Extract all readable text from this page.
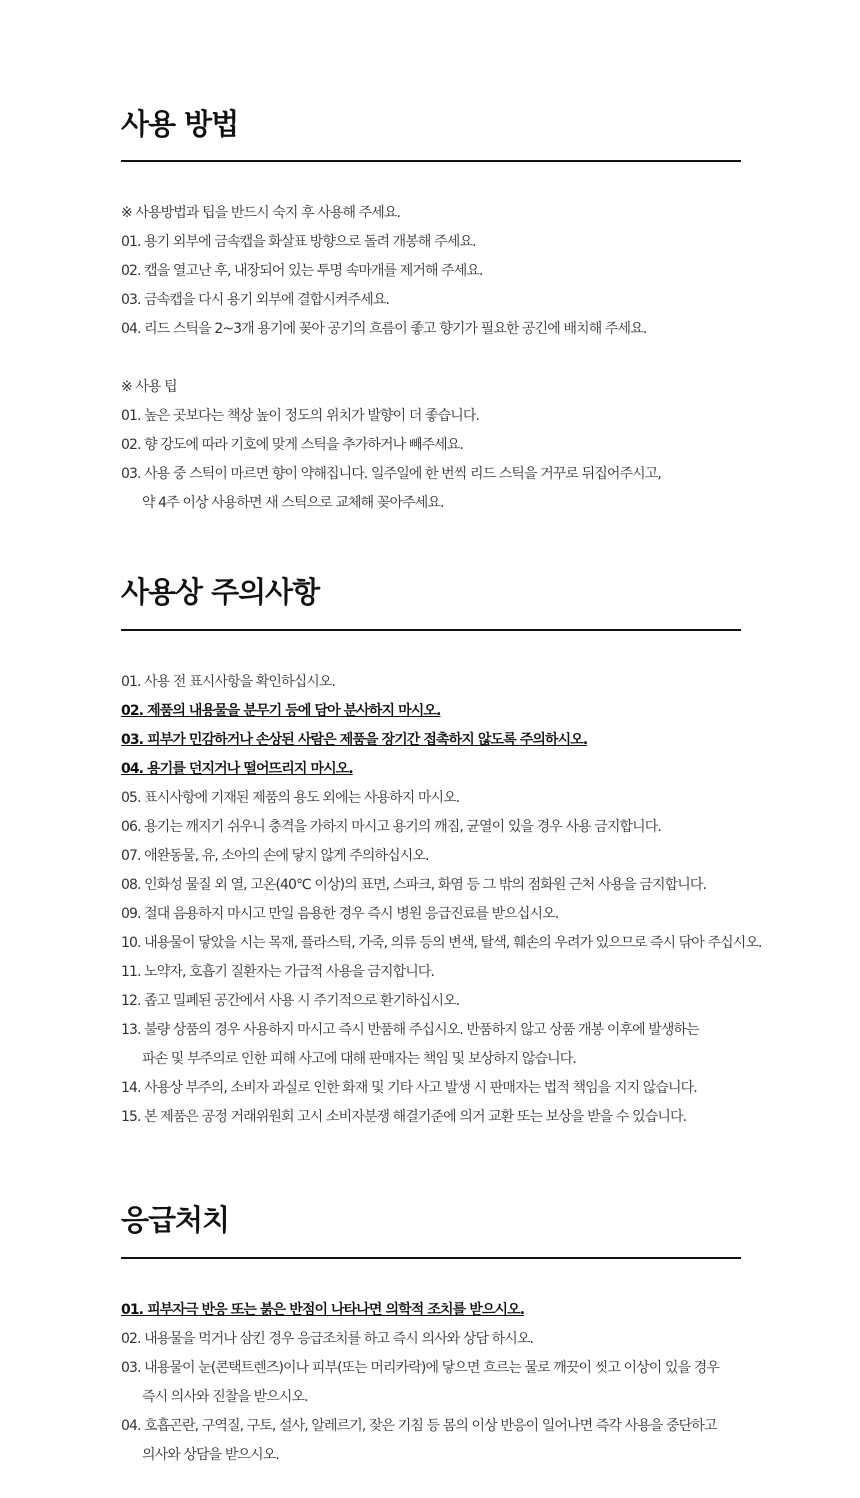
사용 방법
※ 사용방법과 팁을 반드시 숙지 후 사용해 주세요.
01. 용기 외부에 금속캡을 화살표 방향으로 돌려 개봉해 주세요.
02. 캡을 열고난 후, 내장되어 있는 투명 속마개를 제거해 주세요.
03. 금속캡을 다시 용기 외부에 결합시켜주세요.
04. 리드 스틱을 2~3개 용기에 꽂아 공기의 흐름이 좋고 향기가 필요한 공긴에 배치해 주세요.
※ 사용 팁
01. 높은 곳보다는 책상 높이 정도의 위치가 발향이 더 좋습니다.
02. 향 강도에 따라 기호에 맞게 스틱을 추가하거나 빼주세요.
03. 사용 중 스틱이 마르면 향이 약해집니다. 일주일에 한 번씩 리드 스틱을 거꾸로 뒤집어주시고,
약 4주 이상 사용하면 새 스틱으로 교체해 꽂아주세요.
사용상 주의사항
01. 사용 전 표시사항을 확인하십시오.
02. 제품의 내용물을 분무기 등에 담아 분사하지 마시오.
03. 피부가 민감하거나 손상된 사람은 제품을 장기간 접촉하지 않도록 주의하시오.
04. 용기를 던지거나 떨어뜨리지 마시오.
05. 표시사항에 기재된 제품의 용도 외에는 사용하지 마시오.
06. 용기는 깨지기 쉬우니 충격을 가하지 마시고 용기의 깨짐, 균열이 있을 경우 사용 금지합니다.
07. 애완동물, 유, 소아의 손에 닿지 않게 주의하십시오.
08. 인화성 물질 외 열, 고온(40℃ 이상)의 표면, 스파크, 화염 등 그 밖의 점화원 근처 사용을 금지합니다.
09. 절대 음용하지 마시고 만일 음용한 경우 즉시 병원 응급진료를 받으십시오.
10. 내용물이 닿았을 시는 목재, 플라스틱, 가죽, 의류 등의 변색, 탈색, 훼손의 우려가 있으므로 즉시 닦아 주십시오.
11. 노약자, 호흡기 질환자는 가급적 사용을 금지합니다.
12. 좁고 밀폐된 공간에서 사용 시 주기적으로 환기하십시오.
13. 불량 상품의 경우 사용하지 마시고 즉시 반품해 주십시오. 반품하지 않고 상품 개봉 이후에 발생하는
파손 및 부주의로 인한 피해 사고에 대해 판매자는 책임 및 보상하지 않습니다.
14. 사용상 부주의, 소비자 과실로 인한 화재 및 기타 사고 발생 시 판매자는 법적 책임을 지지 않습니다.
15. 본 제품은 공정 거래위원회 고시 소비자분쟁 해결기준에 의거 교환 또는 보상을 받을 수 있습니다.
응급처치
01. 피부자극 반응 또는 붉은 반점이 나타나면 의학적 조치를 받으시오.
02. 내용물을 먹거나 삼킨 경우 응급조치를 하고 즉시 의사와 상담 하시오.
03. 내용물이 눈(콘택트렌즈)이나 피부(또는 머리카락)에 닿으면 흐르는 물로 깨끗이 씻고 이상이 있을 경우
즉시 의사와 진찰을 받으시오.
04. 호흡곤란, 구역질, 구토, 설사, 알레르기, 잦은 기침 등 몸의 이상 반응이 일어나면 즉각 사용을 중단하고
의사와 상담을 받으시오.
